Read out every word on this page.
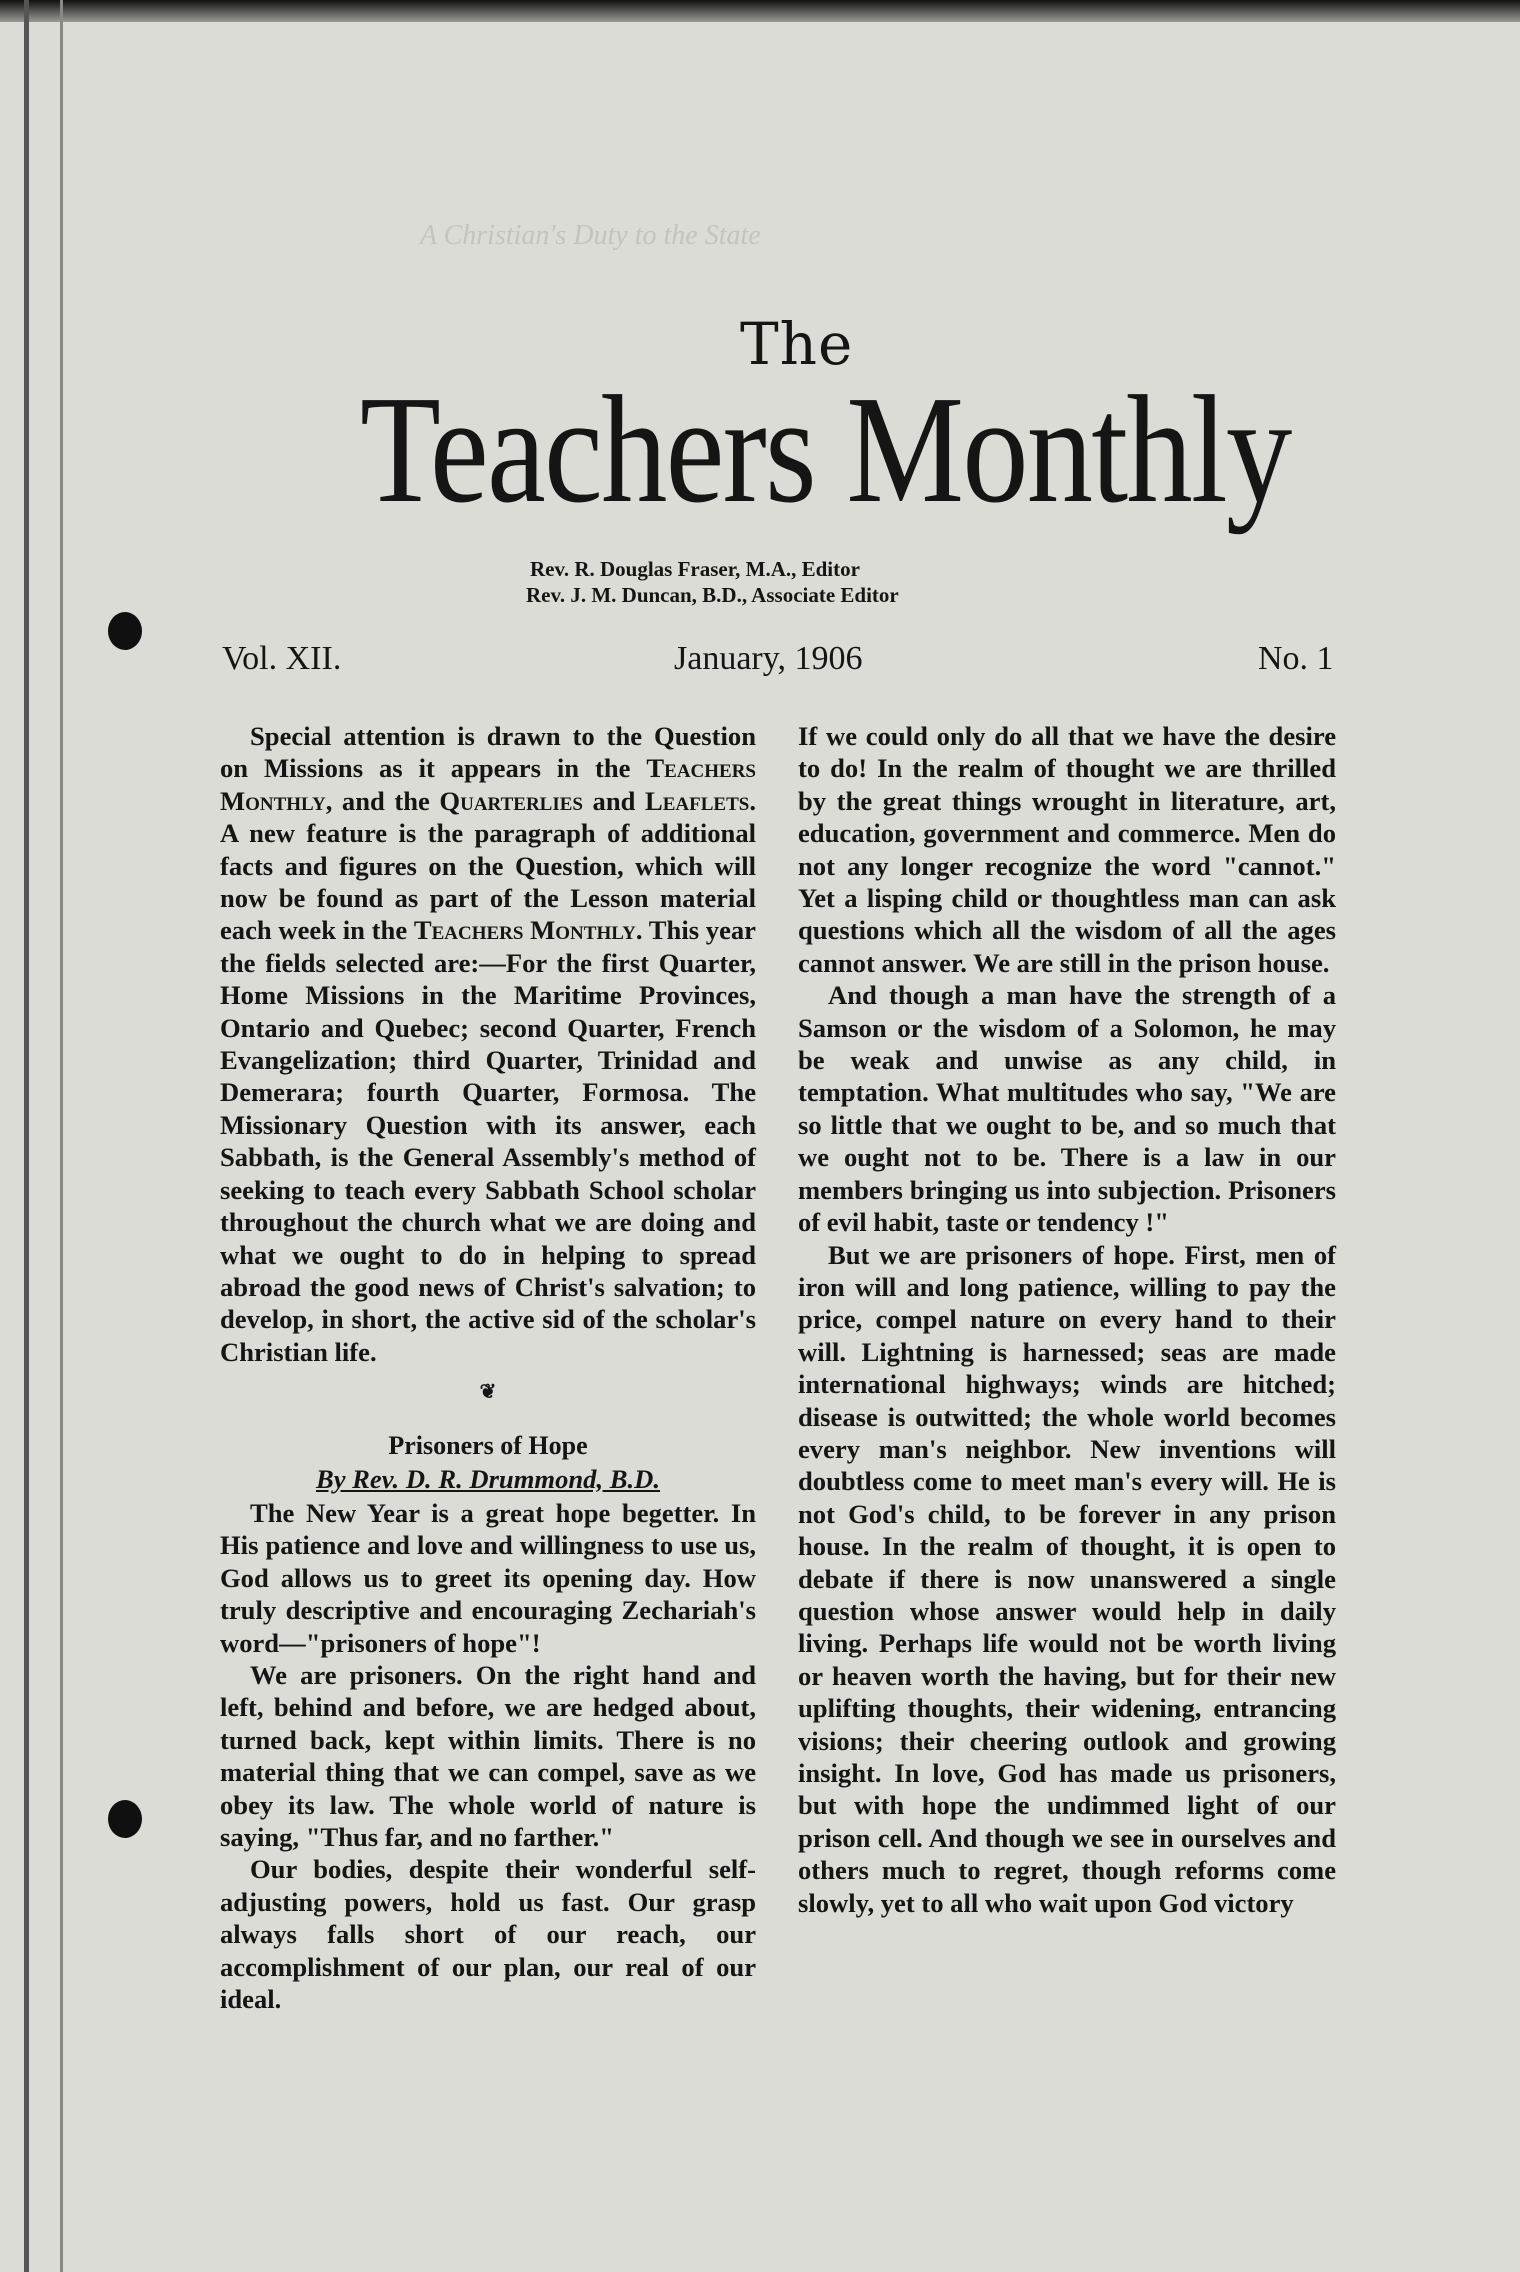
A Christian's Duty to the State
The
Teachers Monthly
Rev. R. Douglas Fraser, M.A., Editor
Rev. J. M. Duncan, B.D., Associate Editor
Vol. XII.	January, 1906	No. 1

Special attention is drawn to the Question on Missions as it appears in the Teachers Monthly, and the Quarterlies and Leaflets. A new feature is the paragraph of additional facts and figures on the Question, which will now be found as part of the Lesson material each week in the Teachers Monthly. This year the fields selected are:—For the first Quarter, Home Missions in the Maritime Provinces, Ontario and Quebec; second Quarter, French Evangelization; third Quarter, Trinidad and Demerara; fourth Quarter, Formosa. The Missionary Question with its answer, each Sabbath, is the General Assembly's method of seeking to teach every Sabbath School scholar throughout the church what we are doing and what we ought to do in helping to spread abroad the good news of Christ's salvation; to develop, in short, the active sid of the scholar's Christian life.

❦
Prisoners of Hope
By Rev. D. R. Drummond, B.D.

The New Year is a great hope begetter. In His patience and love and willingness to use us, God allows us to greet its opening day. How truly descriptive and encouraging Zechariah's word—"prisoners of hope"!

We are prisoners. On the right hand and left, behind and before, we are hedged about, turned back, kept within limits. There is no material thing that we can compel, save as we obey its law. The whole world of nature is saying, "Thus far, and no farther."

Our bodies, despite their wonderful self-adjusting powers, hold us fast. Our grasp always falls short of our reach, our accomplishment of our plan, our real of our ideal.

If we could only do all that we have the desire to do! In the realm of thought we are thrilled by the great things wrought in literature, art, education, government and commerce. Men do not any longer recognize the word "cannot." Yet a lisping child or thoughtless man can ask questions which all the wisdom of all the ages cannot answer. We are still in the prison house.

And though a man have the strength of a Samson or the wisdom of a Solomon, he may be weak and unwise as any child, in temptation. What multitudes who say, "We are so little that we ought to be, and so much that we ought not to be. There is a law in our members bringing us into subjection. Prisoners of evil habit, taste or tendency !"

But we are prisoners of hope. First, men of iron will and long patience, willing to pay the price, compel nature on every hand to their will. Lightning is harnessed; seas are made international highways; winds are hitched; disease is outwitted; the whole world becomes every man's neighbor. New inventions will doubtless come to meet man's every will. He is not God's child, to be forever in any prison house. In the realm of thought, it is open to debate if there is now unanswered a single question whose answer would help in daily living. Perhaps life would not be worth living or heaven worth the having, but for their new uplifting thoughts, their widening, entrancing visions; their cheering outlook and growing insight. In love, God has made us prisoners, but with hope the undimmed light of our prison cell. And though we see in ourselves and others much to regret, though reforms come slowly, yet to all who wait upon God victory
